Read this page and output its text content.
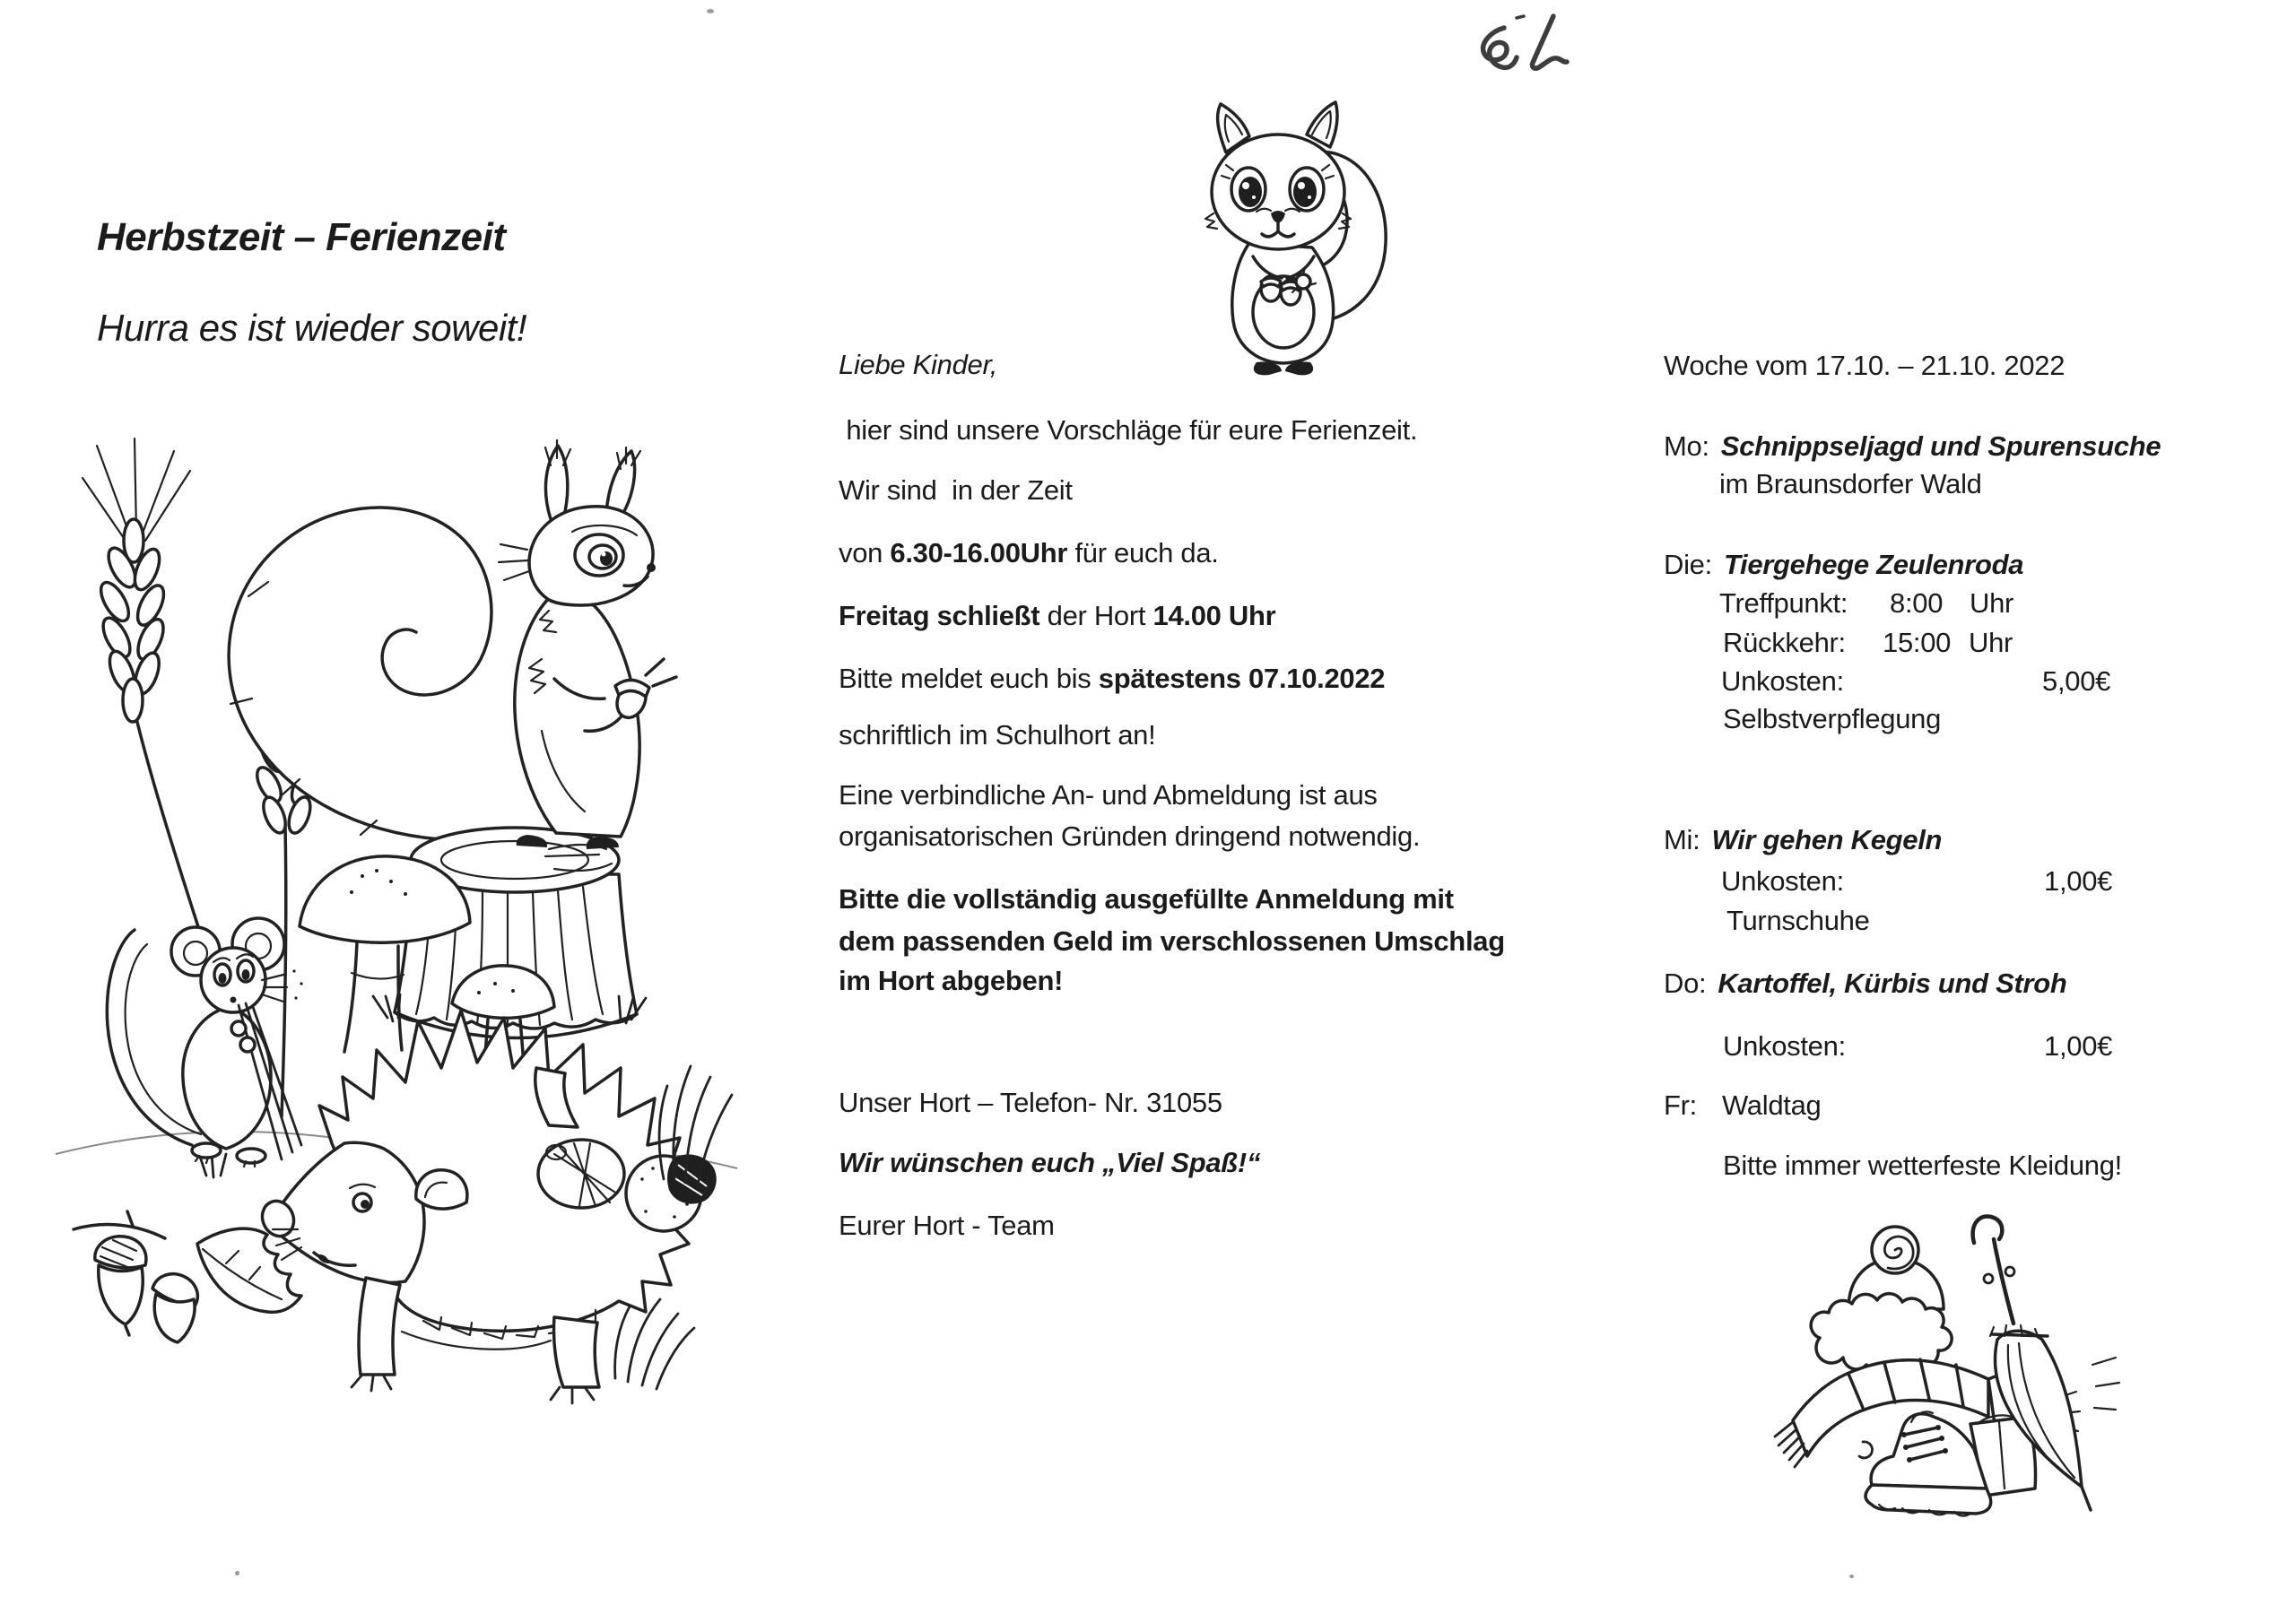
Herbstzeit – Ferienzeit
Hurra es ist wieder soweit!
Liebe Kinder,
hier sind unsere Vorschläge für eure Ferienzeit.
Wir sind  in der Zeit
von 6.30-16.00Uhr für euch da.
Freitag schließt der Hort 14.00 Uhr
Bitte meldet euch bis spätestens 07.10.2022
schriftlich im Schulhort an!
Eine verbindliche An- und Abmeldung ist aus
organisatorischen Gründen dringend notwendig.
Bitte die vollständig ausgefüllte Anmeldung mit
dem passenden Geld im verschlossenen Umschlag
im Hort abgeben!
Unser Hort – Telefon- Nr. 31055
Wir wünschen euch „Viel Spaß!“
Eurer Hort - Team
Woche vom 17.10. – 21.10. 2022
Mo: Schnippseljagd und Spurensuche
im Braunsdorfer Wald
Die: Tiergehege Zeulenroda
Treffpunkt: 8:00 Uhr
Rückkehr: 15:00 Uhr
Unkosten:	5,00€
Selbstverpflegung
Mi: Wir gehen Kegeln
Unkosten:	1,00€
Turnschuhe
Do: Kartoffel, Kürbis und Stroh
Unkosten:	1,00€
Fr: Waldtag
Bitte immer wetterfeste Kleidung!
